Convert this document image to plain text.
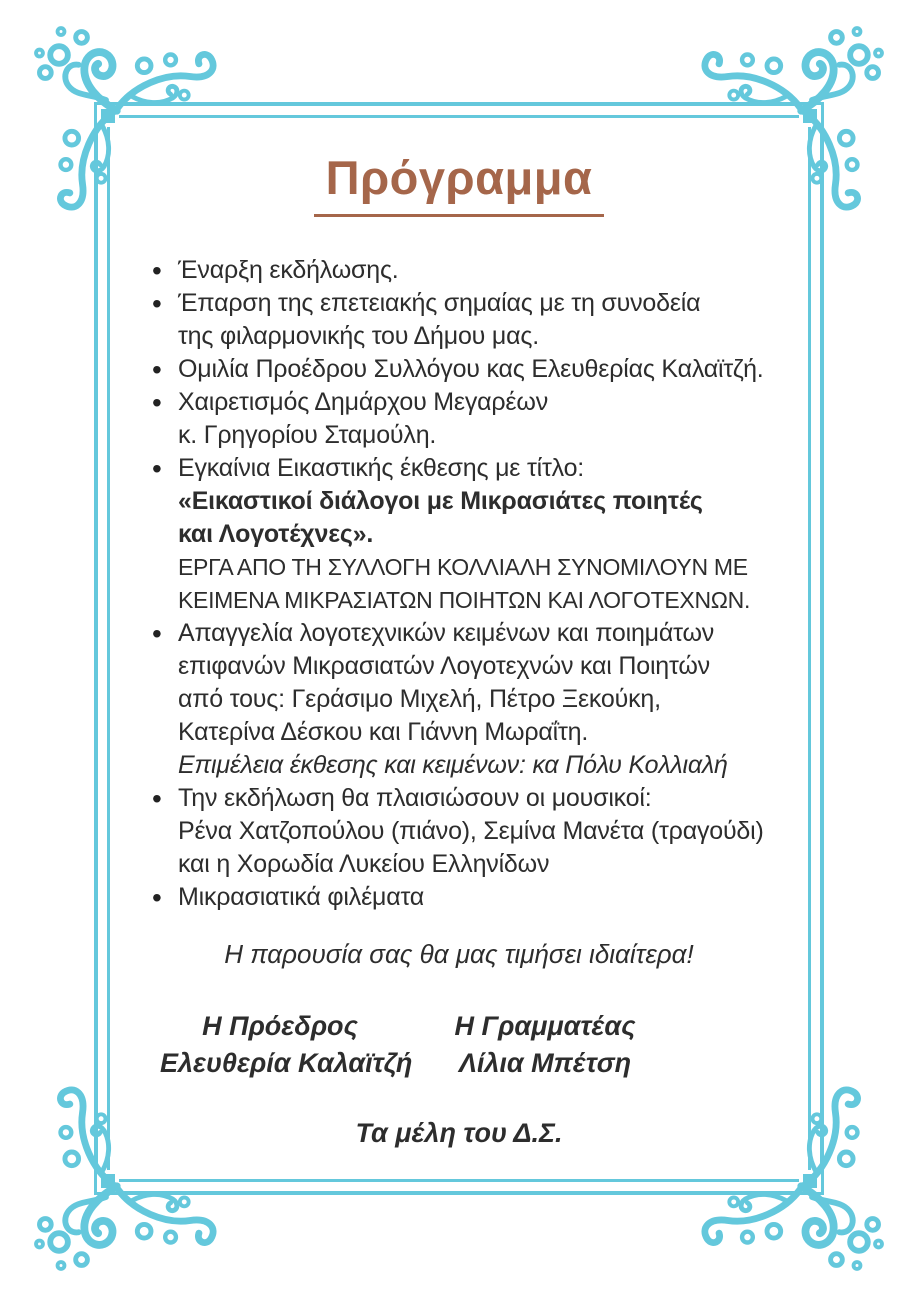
Πρόγραμμα
• Έναρξη εκδήλωσης.
• Έπαρση της επετειακής σημαίας με τη συνοδεία
της φιλαρμονικής του Δήμου μας.
• Ομιλία Προέδρου Συλλόγου κας Ελευθερίας Καλαϊτζή.
• Χαιρετισμός Δημάρχου Μεγαρέων
κ. Γρηγορίου Σταμούλη.
• Εγκαίνια Εικαστικής έκθεσης με τίτλο:
«Εικαστικοί διάλογοι με Μικρασιάτες ποιητές
και Λογοτέχνες».
ΕΡΓΑ ΑΠΟ ΤΗ ΣΥΛΛΟΓΗ ΚΟΛΛΙΑΛΗ ΣΥΝΟΜΙΛΟΥΝ ΜΕ
ΚΕΙΜΕΝΑ ΜΙΚΡΑΣΙΑΤΩΝ ΠΟΙΗΤΩΝ ΚΑΙ ΛΟΓΟΤΕΧΝΩΝ.
• Απαγγελία λογοτεχνικών κειμένων και ποιημάτων
επιφανών Μικρασιατών Λογοτεχνών και Ποιητών
από τους: Γεράσιμο Μιχελή, Πέτρο Ξεκούκη,
Κατερίνα Δέσκου και Γιάννη Μωραΐτη.
Επιμέλεια έκθεσης και κειμένων: κα Πόλυ Κολλιαλή
• Την εκδήλωση θα πλαισιώσουν οι μουσικοί:
Ρένα Χατζοπούλου (πιάνο), Σεμίνα Μανέτα (τραγούδι)
και η Χορωδία Λυκείου Ελληνίδων
• Μικρασιατικά φιλέματα
Η παρουσία σας θα μας τιμήσει ιδιαίτερα!
Η Πρόεδρος
Ελευθερία Καλαϊτζή
Η Γραμματέας
Λίλια Μπέτση
Τα μέλη του Δ.Σ.
